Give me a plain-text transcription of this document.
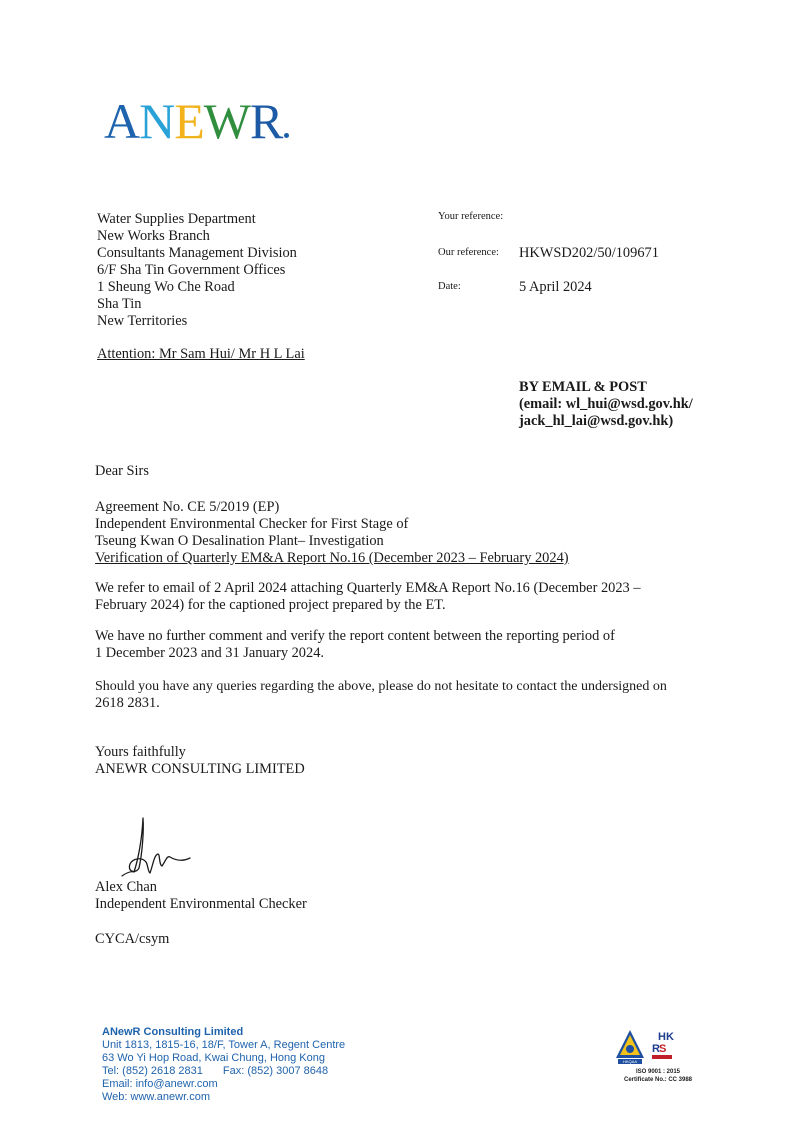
ANEWR
Water Supplies Department
New Works Branch
Consultants Management Division
6/F Sha Tin Government Offices
1 Sheung Wo Che Road
Sha Tin
New Territories
Your reference:
Our reference: HKWSD202/50/109671
Date:	5 April 2024
Attention: Mr Sam Hui/ Mr H L Lai
BY EMAIL & POST
(email: wl_hui@wsd.gov.hk/
jack_hl_lai@wsd.gov.hk)
Dear Sirs
Agreement No. CE 5/2019 (EP)
Independent Environmental Checker for First Stage of
Tseung Kwan O Desalination Plant– Investigation
Verification of Quarterly EM&A Report No.16 (December 2023 – February 2024)
We refer to email of 2 April 2024 attaching Quarterly EM&A Report No.16 (December 2023 –
February 2024) for the captioned project prepared by the ET.
We have no further comment and verify the report content between the reporting period of
1 December 2023 and 31 January 2024.
Should you have any queries regarding the above, please do not hesitate to contact the undersigned on
2618 2831.
Yours faithfully
ANEWR CONSULTING LIMITED
Alex Chan
Independent Environmental Checker
CYCA/csym
ANewR Consulting Limited
Unit 1813, 1815-16, 18/F, Tower A, Regent Centre
63 Wo Yi Hop Road, Kwai Chung, Hong Kong
Tel: (852) 2618 2831 Fax: (852) 3007 8648
Email: info@anewr.com
Web: www.anewr.com
HKQAA
HK
S
R
ISO 9001 : 2015
Certificate No.: CC 3988
